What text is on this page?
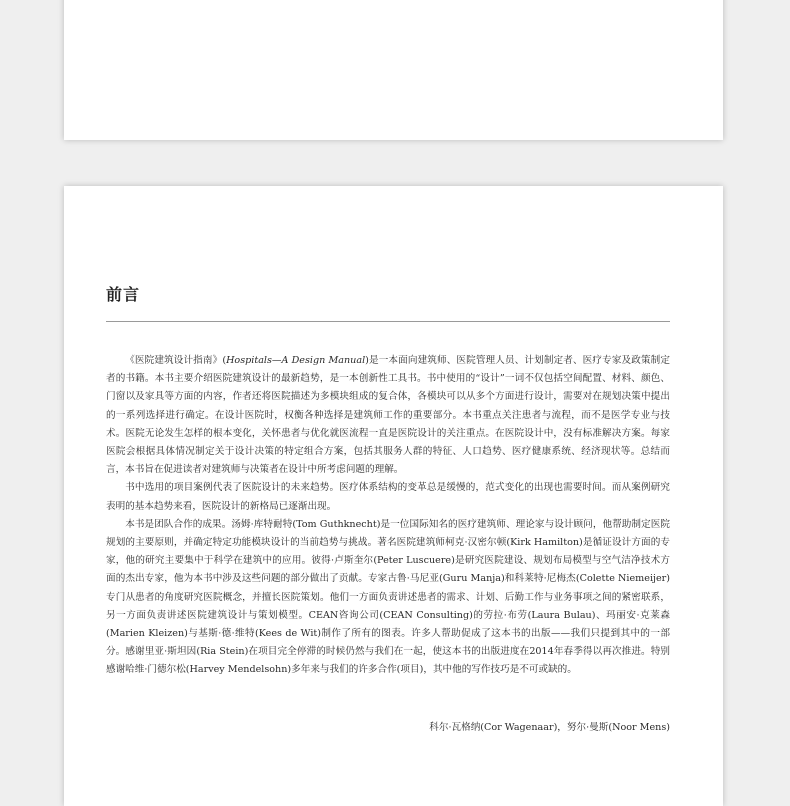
前言

《医院建筑设计指南》(Hospitals—A Design Manual)是一本面向建筑师、医院管理人员、计划制定者、医疗专家及政策制定者的书籍。本书主要介绍医院建筑设计的最新趋势，是一本创新性工具书。书中使用的“设计”一词不仅包括空间配置、材料、颜色、门窗以及家具等方面的内容，作者还将医院描述为多模块组成的复合体，各模块可以从多个方面进行设计，需要对在规划决策中提出的一系列选择进行确定。在设计医院时，权衡各种选择是建筑师工作的重要部分。本书重点关注患者与流程，而不是医学专业与技术。医院无论发生怎样的根本变化，关怀患者与优化就医流程一直是医院设计的关注重点。在医院设计中，没有标准解决方案。每家医院会根据具体情况制定关于设计决策的特定组合方案，包括其服务人群的特征、人口趋势、医疗健康系统、经济现状等。总结而言，本书旨在促进读者对建筑师与决策者在设计中所考虑问题的理解。

书中选用的项目案例代表了医院设计的未来趋势。医疗体系结构的变革总是缓慢的，范式变化的出现也需要时间。而从案例研究表明的基本趋势来看，医院设计的新格局已逐渐出现。

本书是团队合作的成果。汤姆·库特耐特(Tom Guthknecht)是一位国际知名的医疗建筑师、理论家与设计顾问，他帮助制定医院规划的主要原则，并确定特定功能模块设计的当前趋势与挑战。著名医院建筑师柯克·汉密尔顿(Kirk Hamilton)是循证设计方面的专家，他的研究主要集中于科学在建筑中的应用。彼得·卢斯奎尔(Peter Luscuere)是研究医院建设、规划布局模型与空气洁净技术方面的杰出专家，他为本书中涉及这些问题的部分做出了贡献。专家古鲁·马尼亚(Guru Manja)和科莱特·尼梅杰(Colette Niemeijer)专门从患者的角度研究医院概念，并擅长医院策划。他们一方面负责讲述患者的需求、计划、后勤工作与业务事项之间的紧密联系，另一方面负责讲述医院建筑设计与策划模型。CEAN咨询公司(CEAN Consulting)的劳拉·布劳(Laura Bulau)、玛丽安·克莱森(Marien Kleizen)与基斯·德·维特(Kees de Wit)制作了所有的图表。许多人帮助促成了这本书的出版——我们只提到其中的一部分。感谢里亚·斯坦因(Ria Stein)在项目完全停滞的时候仍然与我们在一起，使这本书的出版进度在2014年春季得以再次推进。特别感谢哈维·门德尔松(Harvey Mendelsohn)多年来与我们的许多合作(项目)，其中他的写作技巧是不可或缺的。

科尔·瓦格纳(Cor Wagenaar)，努尔·曼斯(Noor Mens)
